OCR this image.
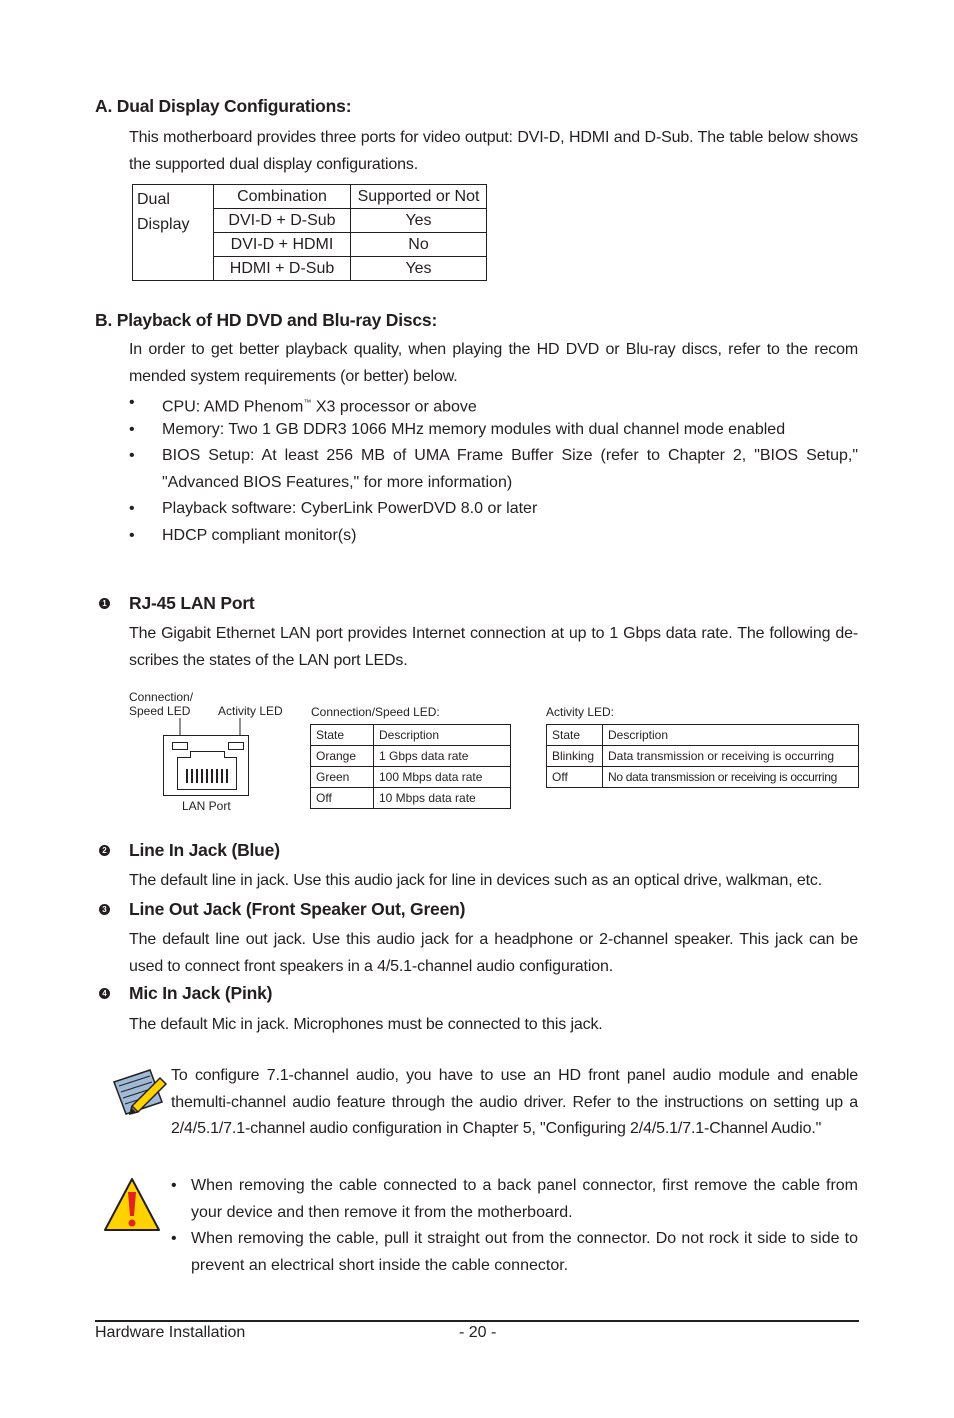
A. Dual Display Configurations:
This motherboard provides three ports for video output: DVI-D, HDMI and D-Sub. The table below shows the supported dual display configurations.
Dual
Display	Combination	Supported or Not
	DVI-D + D-Sub	Yes
	DVI-D + HDMI	No
	HDMI + D-Sub	Yes
B. Playback of HD DVD and Blu-ray Discs:
In order to get better playback quality, when playing the HD DVD or Blu-ray discs, refer to the recom mended system requirements (or better) below.
• CPU: AMD Phenom™ X3 processor or above
• Memory: Two 1 GB DDR3 1066 MHz memory modules with dual channel mode enabled
• BIOS Setup: At least 256 MB of UMA Frame Buffer Size (refer to Chapter 2, "BIOS Setup," "Advanced BIOS Features," for more information)
• Playback software: CyberLink PowerDVD 8.0 or later
• HDCP compliant monitor(s)
1 RJ-45 LAN Port
The Gigabit Ethernet LAN port provides Internet connection at up to 1 Gbps data rate. The following de- scribes the states of the LAN port LEDs.
Connection/
Speed LED Activity LED
LAN Port
Connection/Speed LED:
State	Description
Orange	1 Gbps data rate
Green	100 Mbps data rate
Off	10 Mbps data rate
Activity LED:
State	Description
Blinking	Data transmission or receiving is occurring
Off	No data transmission or receiving is occurring
2 Line In Jack (Blue)
The default line in jack. Use this audio jack for line in devices such as an optical drive, walkman, etc.
3 Line Out Jack (Front Speaker Out, Green)
The default line out jack. Use this audio jack for a headphone or 2-channel speaker. This jack can be used to connect front speakers in a 4/5.1-channel audio configuration.
4 Mic In Jack (Pink)
The default Mic in jack. Microphones must be connected to this jack.
To configure 7.1-channel audio, you have to use an HD front panel audio module and enable themulti-channel audio feature through the audio driver. Refer to the instructions on setting up a 2/4/5.1/7.1-channel audio configuration in Chapter 5, "Configuring 2/4/5.1/7.1-Channel Audio."
• When removing the cable connected to a back panel connector, first remove the cable from your device and then remove it from the motherboard.
• When removing the cable, pull it straight out from the connector. Do not rock it side to side to prevent an electrical short inside the cable connector.
Hardware Installation	- 20 -
